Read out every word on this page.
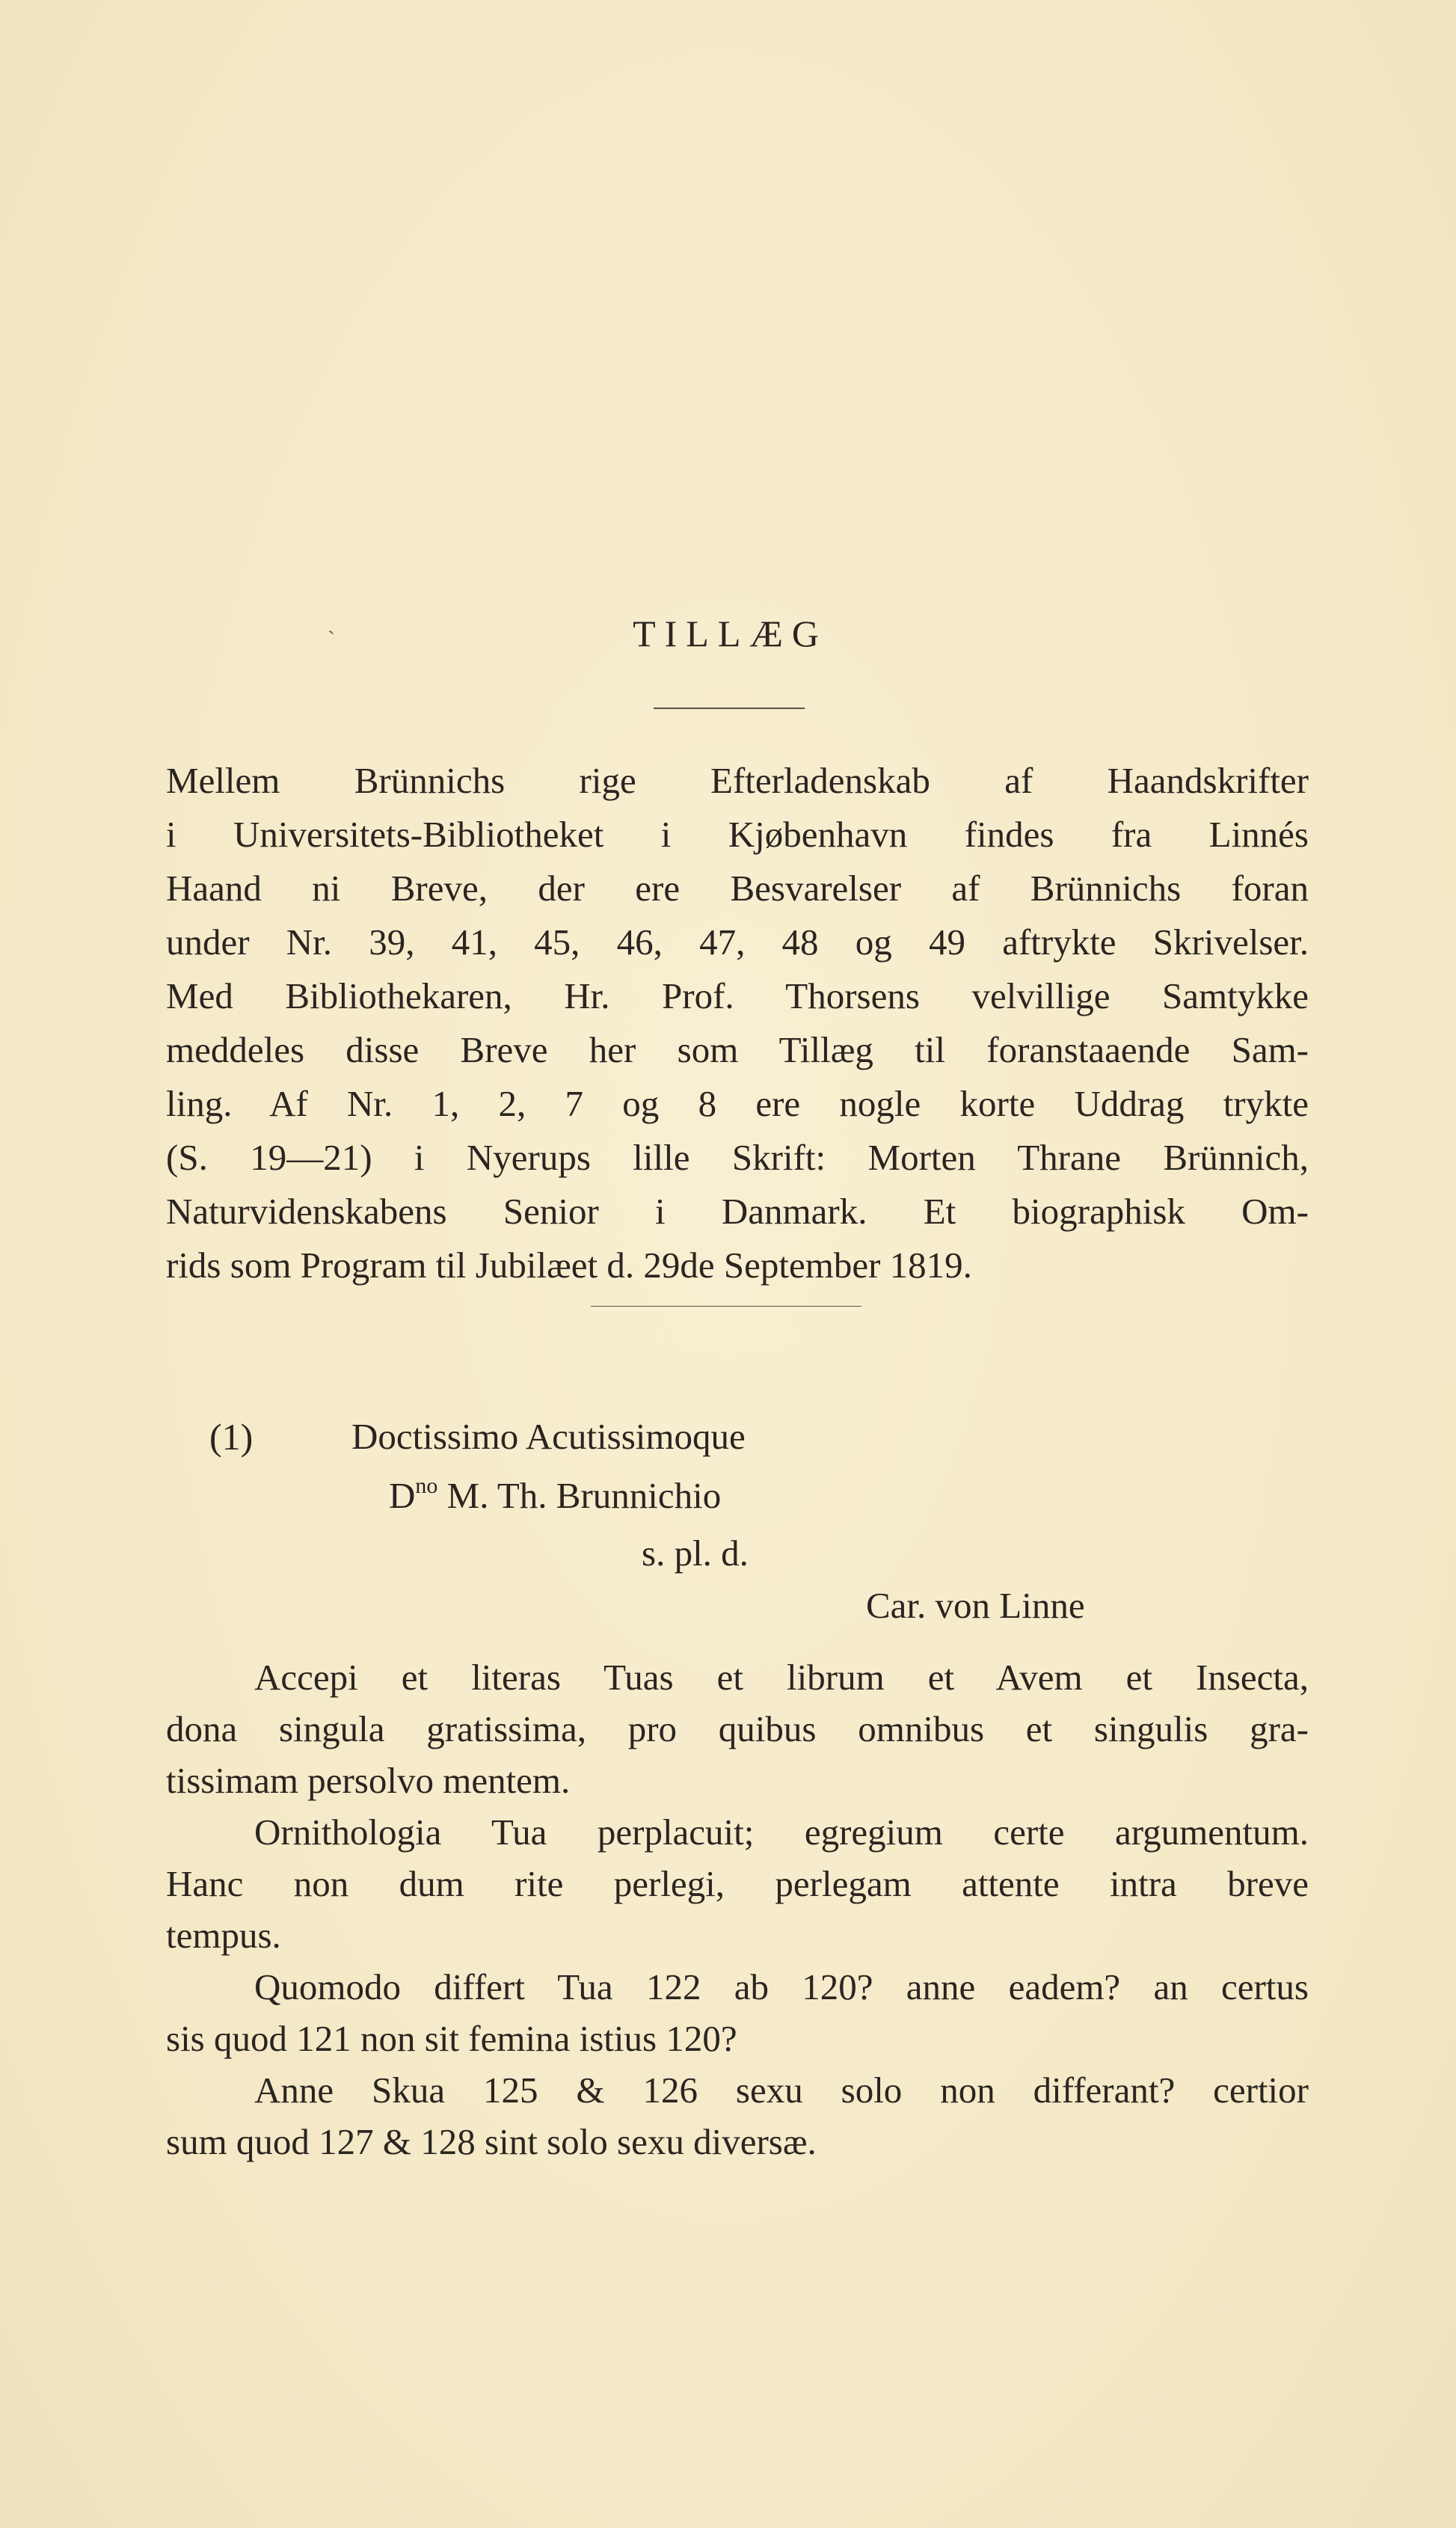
`	TILLÆG
Mellem Brünnichs rige Efterladenskab af Haandskrifter
i Universitets-Bibliotheket i Kjøbenhavn findes fra Linnés
Haand ni Breve, der ere Besvarelser af Brünnichs foran
under Nr. 39, 41, 45, 46, 47, 48 og 49 aftrykte Skrivelser.
Med Bibliothekaren, Hr. Prof. Thorsens velvillige Samtykke
meddeles disse Breve her som Tillæg til foranstaaende Sam-
ling. Af Nr. 1, 2, 7 og 8 ere nogle korte Uddrag trykte
(S. 19—21) i Nyerups lille Skrift: Morten Thrane Brünnich,
Naturvidenskabens Senior i Danmark. Et biographisk Om-
rids som Program til Jubilæet d. 29de September 1819.
(1)	Doctissimo Acutissimoque
$D^{no}$ M. Th. Brunnichio
s. pl. d.
Car. von Linne
Accepi et literas Tuas et librum et Avem et Insecta,
dona singula gratissima, pro quibus omnibus et singulis gra-
tissimam persolvo mentem.
Ornithologia Tua perplacuit; egregium certe argumentum.
Hanc non dum rite perlegi, perlegam attente intra breve
tempus.
Quomodo differt Tua 122 ab 120? anne eadem? an certus
sis quod 121 non sit femina istius 120?
Anne Skua 125 & 126 sexu solo non differant? certior
sum quod 127 & 128 sint solo sexu diversæ.
